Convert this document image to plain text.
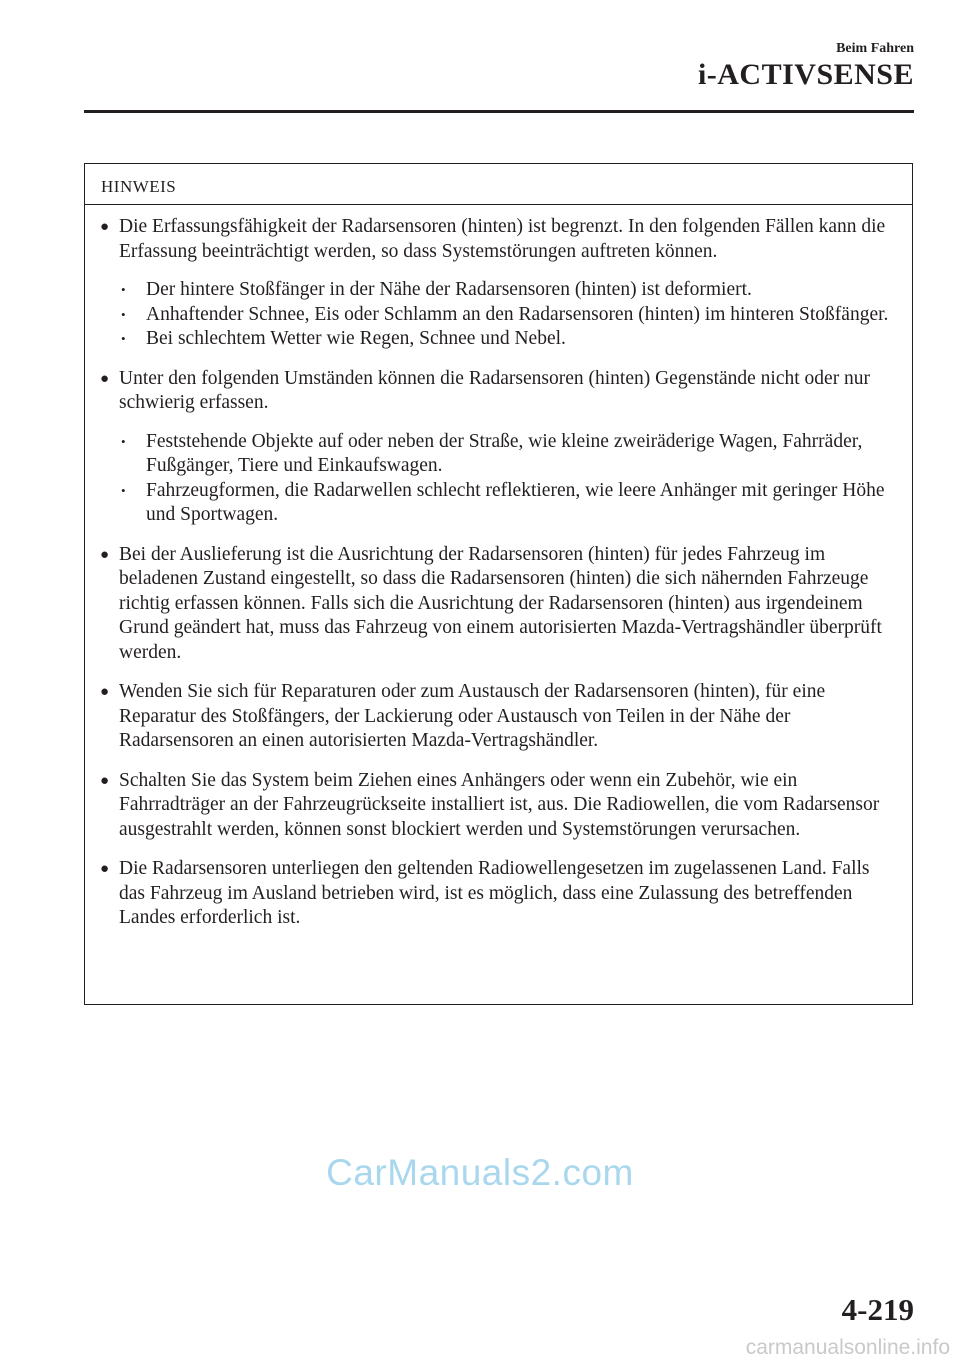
Beim Fahren
i-ACTIVSENSE
HINWEIS
● Die Erfassungsfähigkeit der Radarsensoren (hinten) ist begrenzt. In den folgenden Fällen kann die Erfassung beeinträchtigt werden, so dass Systemstörungen auftreten können.
• Der hintere Stoßfänger in der Nähe der Radarsensoren (hinten) ist deformiert.
• Anhaftender Schnee, Eis oder Schlamm an den Radarsensoren (hinten) im hinteren Stoßfänger.
• Bei schlechtem Wetter wie Regen, Schnee und Nebel.
● Unter den folgenden Umständen können die Radarsensoren (hinten) Gegenstände nicht oder nur schwierig erfassen.
• Feststehende Objekte auf oder neben der Straße, wie kleine zweiräderige Wagen, Fahrräder, Fußgänger, Tiere und Einkaufswagen.
• Fahrzeugformen, die Radarwellen schlecht reflektieren, wie leere Anhänger mit geringer Höhe und Sportwagen.
● Bei der Auslieferung ist die Ausrichtung der Radarsensoren (hinten) für jedes Fahrzeug im beladenen Zustand eingestellt, so dass die Radarsensoren (hinten) die sich nähernden Fahrzeuge richtig erfassen können. Falls sich die Ausrichtung der Radarsensoren (hinten) aus irgendeinem Grund geändert hat, muss das Fahrzeug von einem autorisierten Mazda-Vertragshändler überprüft werden.
● Wenden Sie sich für Reparaturen oder zum Austausch der Radarsensoren (hinten), für eine Reparatur des Stoßfängers, der Lackierung oder Austausch von Teilen in der Nähe der Radarsensoren an einen autorisierten Mazda-Vertragshändler.
● Schalten Sie das System beim Ziehen eines Anhängers oder wenn ein Zubehör, wie ein Fahrradträger an der Fahrzeugrückseite installiert ist, aus. Die Radiowellen, die vom Radarsensor ausgestrahlt werden, können sonst blockiert werden und Systemstörungen verursachen.
● Die Radarsensoren unterliegen den geltenden Radiowellengesetzen im zugelassenen Land. Falls das Fahrzeug im Ausland betrieben wird, ist es möglich, dass eine Zulassung des betreffenden Landes erforderlich ist.
CarManuals2.com
4-219
carmanualsonline.info
